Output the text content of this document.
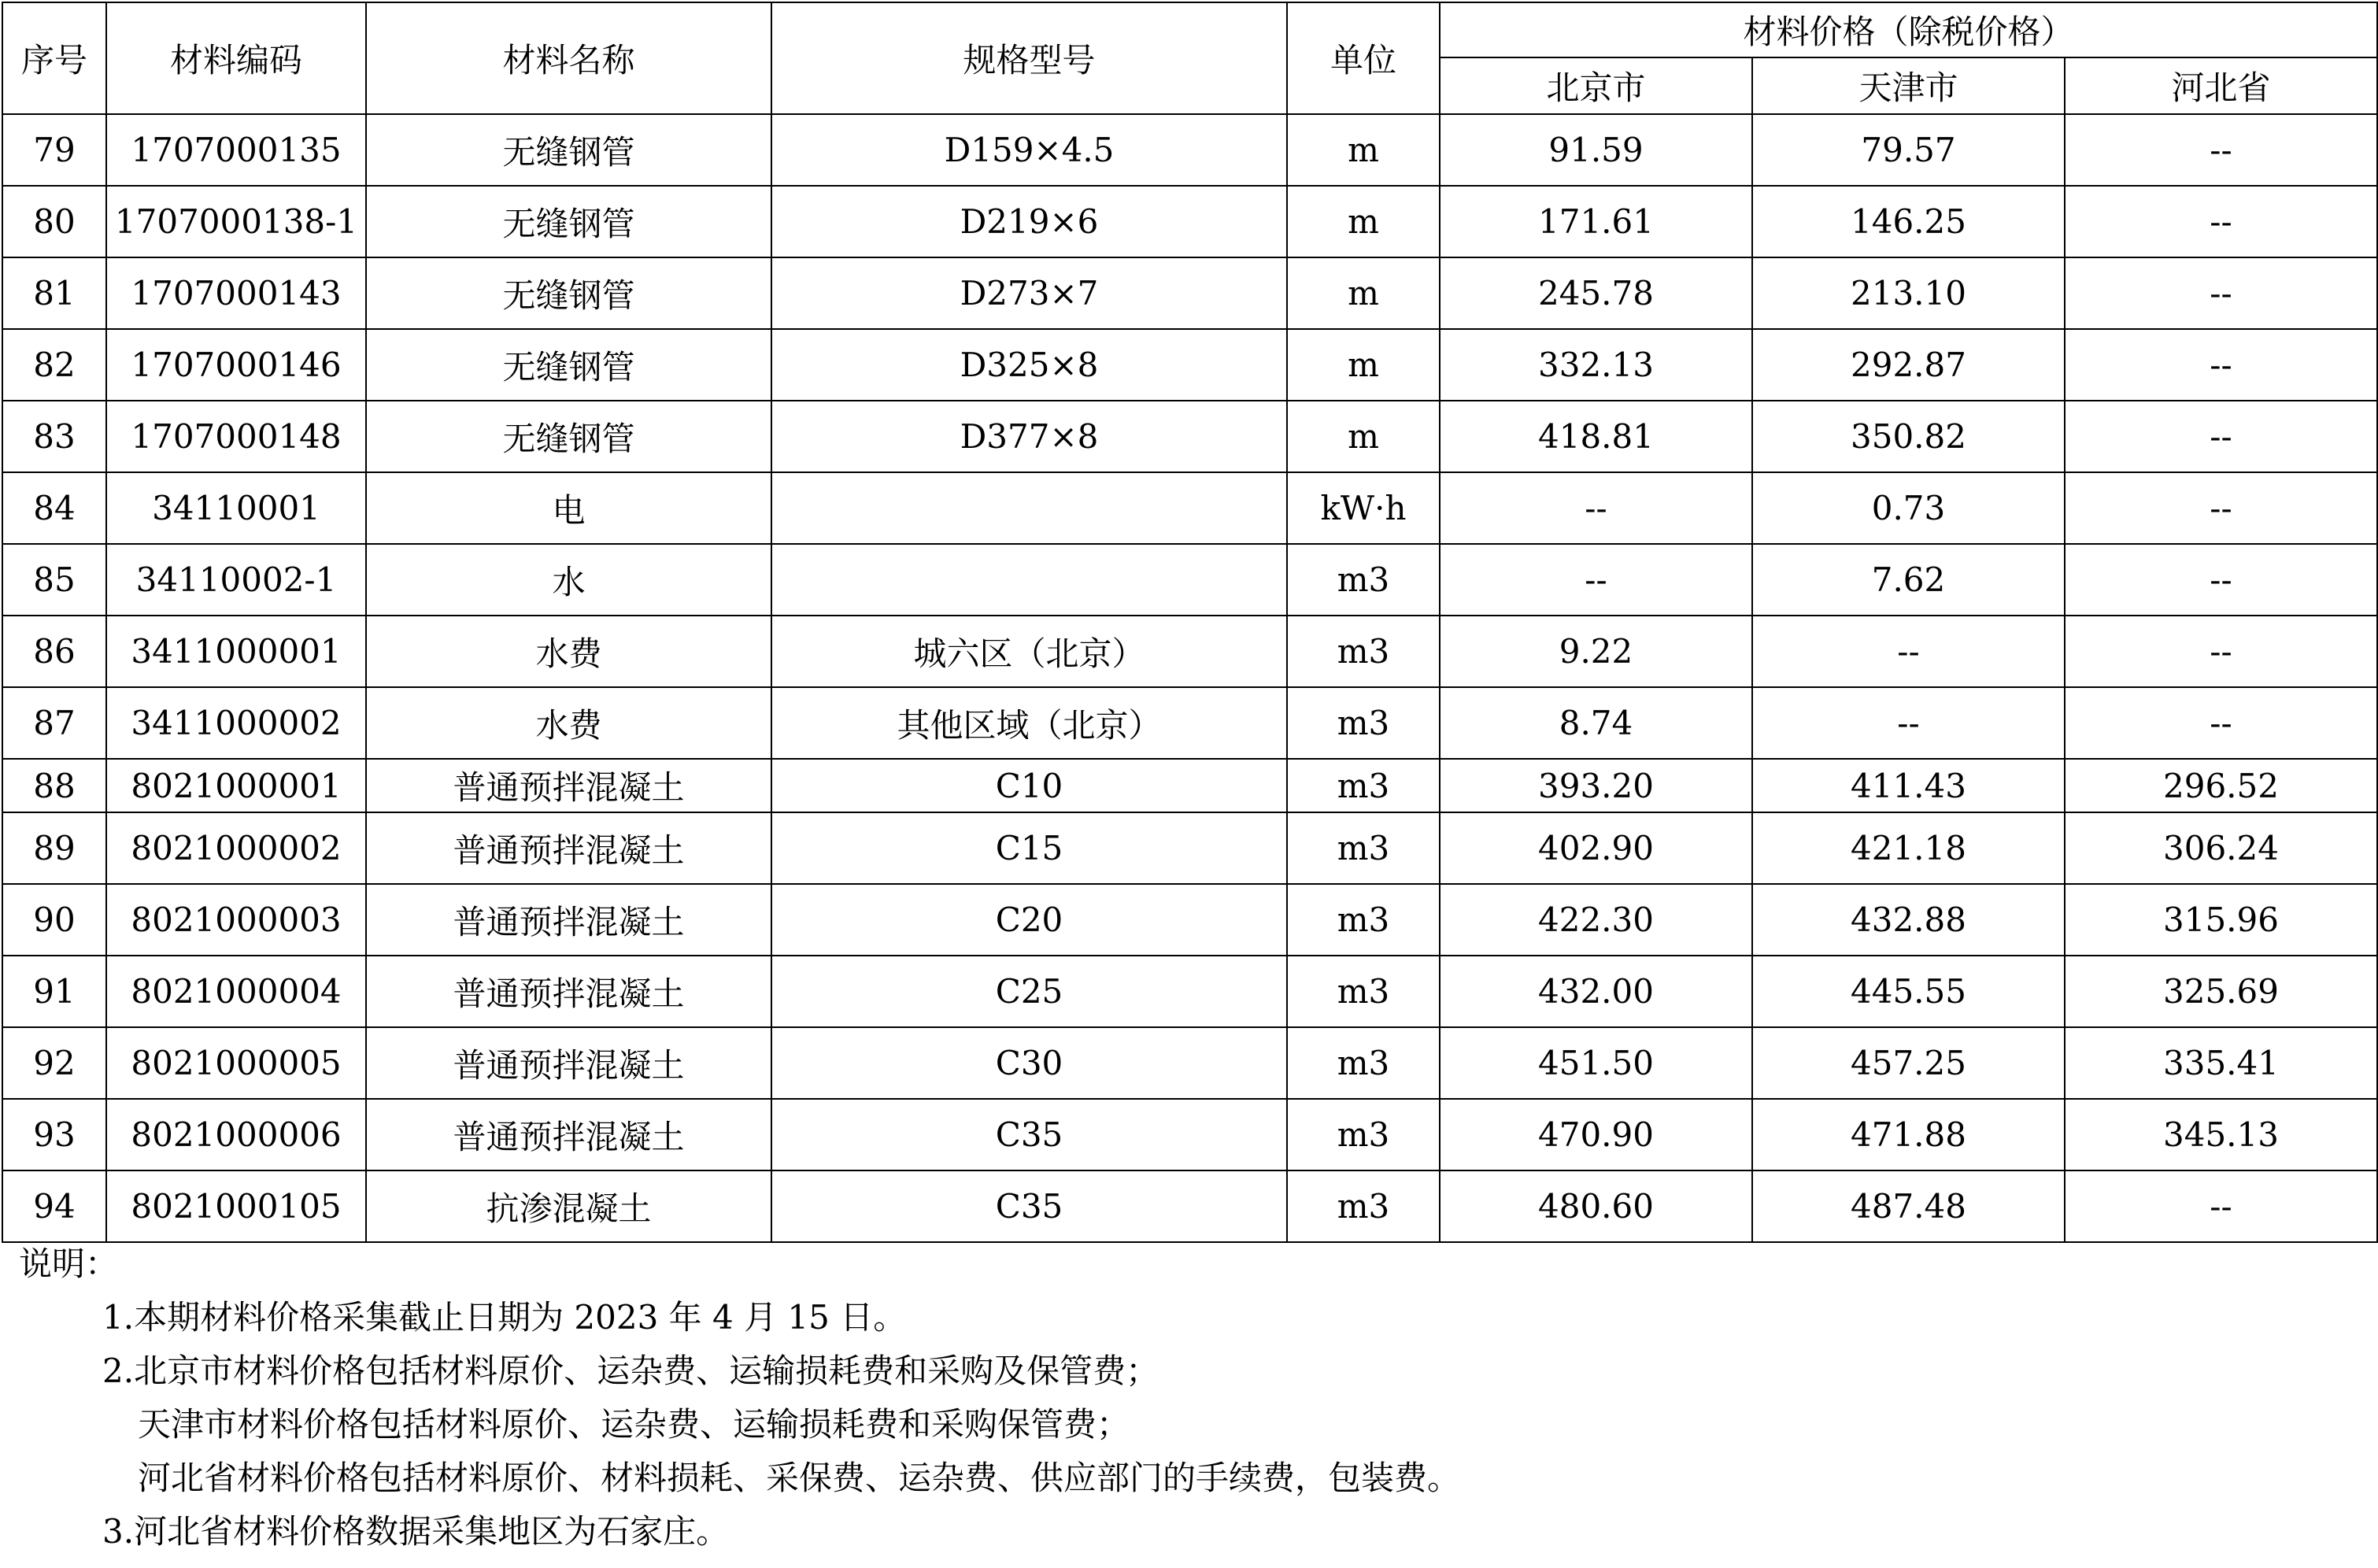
序号	材料编码	材料名称	规格型号	单位	材料价格（除税价格）		
					北京市	天津市	河北省
79	1707000135	无缝钢管	D159×4.5	m	91.59	79.57	--
80	1707000138-1	无缝钢管	D219×6	m	171.61	146.25	--
81	1707000143	无缝钢管	D273×7	m	245.78	213.10	--
82	1707000146	无缝钢管	D325×8	m	332.13	292.87	--
83	1707000148	无缝钢管	D377×8	m	418.81	350.82	--
84	34110001	电		kW·h	--	0.73	--
85	34110002-1	水		m3	--	7.62	--
86	3411000001	水费	城六区（北京）	m3	9.22	--	--
87	3411000002	水费	其他区域（北京）	m3	8.74	--	--
88	8021000001	普通预拌混凝土	C10	m3	393.20	411.43	296.52
89	8021000002	普通预拌混凝土	C15	m3	402.90	421.18	306.24
90	8021000003	普通预拌混凝土	C20	m3	422.30	432.88	315.96
91	8021000004	普通预拌混凝土	C25	m3	432.00	445.55	325.69
92	8021000005	普通预拌混凝土	C30	m3	451.50	457.25	335.41
93	8021000006	普通预拌混凝土	C35	m3	470.90	471.88	345.13
94	8021000105	抗渗混凝土	C35	m3	480.60	487.48	--
说明：
1.本期材料价格采集截止日期为 2023 年 4 月 15 日。
2.北京市材料价格包括材料原价、运杂费、运输损耗费和采购及保管费；
天津市材料价格包括材料原价、运杂费、运输损耗费和采购保管费；
河北省材料价格包括材料原价、材料损耗、采保费、运杂费、供应部门的手续费，包装费。
3.河北省材料价格数据采集地区为石家庄。
